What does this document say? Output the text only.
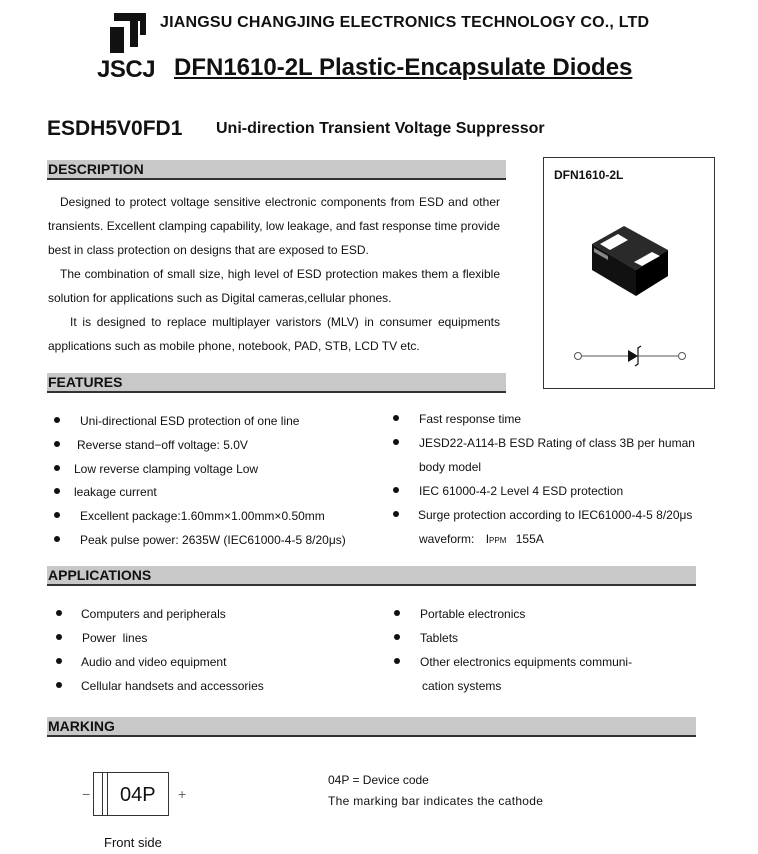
JIANGSU CHANGJING ELECTRONICS TECHNOLOGY CO., LTD
JSCJ DFN1610-2L Plastic-Encapsulate Diodes
ESDH5V0FD1 Uni-direction Transient Voltage Suppressor
DESCRIPTION
Designed to protect voltage sensitive electronic components from ESD and other transients. Excellent clamping capability, low leakage, and fast response time provide best in class protection on designs that are exposed to ESD.
The combination of small size, high level of ESD protection makes them a flexible solution for applications such as Digital cameras,cellular phones.
It is designed to replace multiplayer varistors (MLV) in consumer equipments applications such as mobile phone, notebook, PAD, STB, LCD TV etc.
DFN1610-2L
FEATURES
Uni-directional ESD protection of one line
Reverse stand−off voltage: 5.0V
Low reverse clamping voltage Low
leakage current
Excellent package:1.60mm×1.00mm×0.50mm
Peak pulse power: 2635W (IEC61000-4-5 8/20μs)
Fast response time
JESD22-A114-B ESD Rating of class 3B per human
body model
IEC 61000-4-2 Level 4 ESD protection
Surge protection according to IEC61000-4-5 8/20μs
waveform: IPPM 155A
APPLICATIONS
Computers and peripherals
Power  lines
Audio and video equipment
Cellular handsets and accessories
Portable electronics
Tablets
Other electronics equipments communi-
cation systems
MARKING
− 04P +
Front side
04P = Device code
The marking bar indicates the cathode
